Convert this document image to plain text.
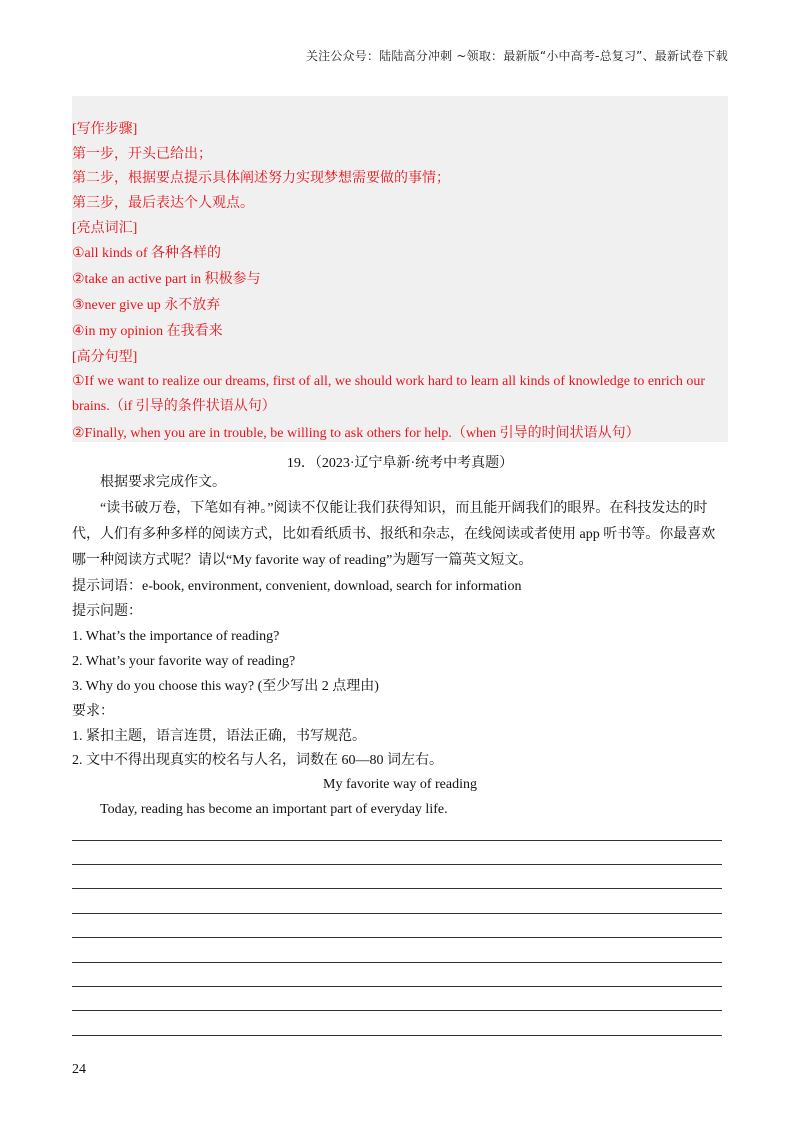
关注公众号：陆陆高分冲刺 ~领取：最新版“小中高考-总复习”、最新试卷下载
[写作步骤]
第一步，开头已给出；
第二步，根据要点提示具体阐述努力实现梦想需要做的事情；
第三步，最后表达个人观点。
[亮点词汇]
①all kinds of 各种各样的
②take an active part in 积极参与
③never give up 永不放弃
④in my opinion 在我看来
[高分句型]
①If we want to realize our dreams, first of all, we should work hard to learn all kinds of knowledge to enrich our brains.（if 引导的条件状语从句）
②Finally, when you are in trouble, be willing to ask others for help.（when 引导的时间状语从句）
19．（2023·辽宁阜新·统考中考真题）
根据要求完成作文。
“读书破万卷，下笔如有神。”阅读不仅能让我们获得知识，而且能开阔我们的眼界。在科技发达的时代，人们有多种多样的阅读方式，比如看纸质书、报纸和杂志，在线阅读或者使用 app 听书等。你最喜欢哪一种阅读方式呢？请以“My favorite way of reading”为题写一篇英文短文。
提示词语：e-book, environment, convenient, download, search for information
提示问题：
1. What’s the importance of reading?
2. What’s your favorite way of reading?
3. Why do you choose this way? (至少写出 2 点理由)
要求：
1. 紧扣主题，语言连贯，语法正确，书写规范。
2. 文中不得出现真实的校名与人名，词数在 60—80 词左右。
My favorite way of reading
Today, reading has become an important part of everyday life.
24
